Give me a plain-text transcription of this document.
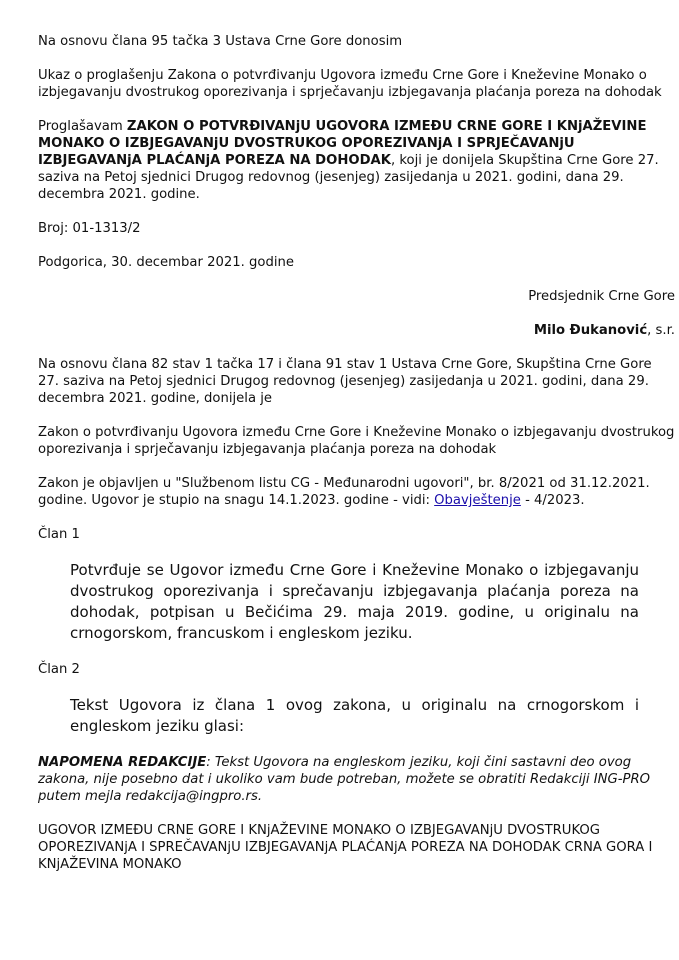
Na osnovu člana 95 tačka 3 Ustava Crne Gore donosim

Ukaz o proglašenju Zakona o potvrđivanju Ugovora između Crne Gore i Kneževine Monako o izbjegavanju dvostrukog oporezivanja i sprječavanju izbjegavanja plaćanja poreza na dohodak

Proglašavam ZAKON O POTVRĐIVANjU UGOVORA IZMEĐU CRNE GORE I KNjAŽEVINE MONAKO O IZBJEGAVANjU DVOSTRUKOG OPOREZIVANjA I SPRJEČAVANjU IZBJEGAVANjA PLAĆANjA POREZA NA DOHODAK, koji je donijela Skupština Crne Gore 27. saziva na Petoj sjednici Drugog redovnog (jesenjeg) zasijedanja u 2021. godini, dana 29. decembra 2021. godine.

Broj: 01-1313/2

Podgorica, 30. decembar 2021. godine

Predsjednik Crne Gore

Milo Đukanović, s.r.

Na osnovu člana 82 stav 1 tačka 17 i člana 91 stav 1 Ustava Crne Gore, Skupština Crne Gore 27. saziva na Petoj sjednici Drugog redovnog (jesenjeg) zasijedanja u 2021. godini, dana 29. decembra 2021. godine, donijela je

Zakon o potvrđivanju Ugovora između Crne Gore i Kneževine Monako o izbjegavanju dvostrukog oporezivanja i sprječavanju izbjegavanja plaćanja poreza na dohodak

Zakon je objavljen u "Službenom listu CG - Međunarodni ugovori", br. 8/2021 od 31.12.2021. godine. Ugovor je stupio na snagu 14.1.2023. godine - vidi: Obavještenje - 4/2023.

Član 1

Potvrđuje se Ugovor između Crne Gore i Kneževine Monako o izbjegavanju dvostrukog oporezivanja i sprečavanju izbjegavanja plaćanja poreza na dohodak, potpisan u Bečićima 29. maja 2019. godine, u originalu na crnogorskom, francuskom i engleskom jeziku.

Član 2

Tekst Ugovora iz člana 1 ovog zakona, u originalu na crnogorskom i engleskom jeziku glasi:

NAPOMENA REDAKCIJE: Tekst Ugovora na engleskom jeziku, koji čini sastavni deo ovog zakona, nije posebno dat i ukoliko vam bude potreban, možete se obratiti Redakciji ING-PRO putem mejla redakcija@ingpro.rs.

UGOVOR IZMEĐU CRNE GORE I KNjAŽEVINE MONAKO O IZBJEGAVANjU DVOSTRUKOG OPOREZIVANjA I SPREČAVANjU IZBJEGAVANjA PLAĆANjA POREZA NA DOHODAK CRNA GORA I KNjAŽEVINA MONAKO
